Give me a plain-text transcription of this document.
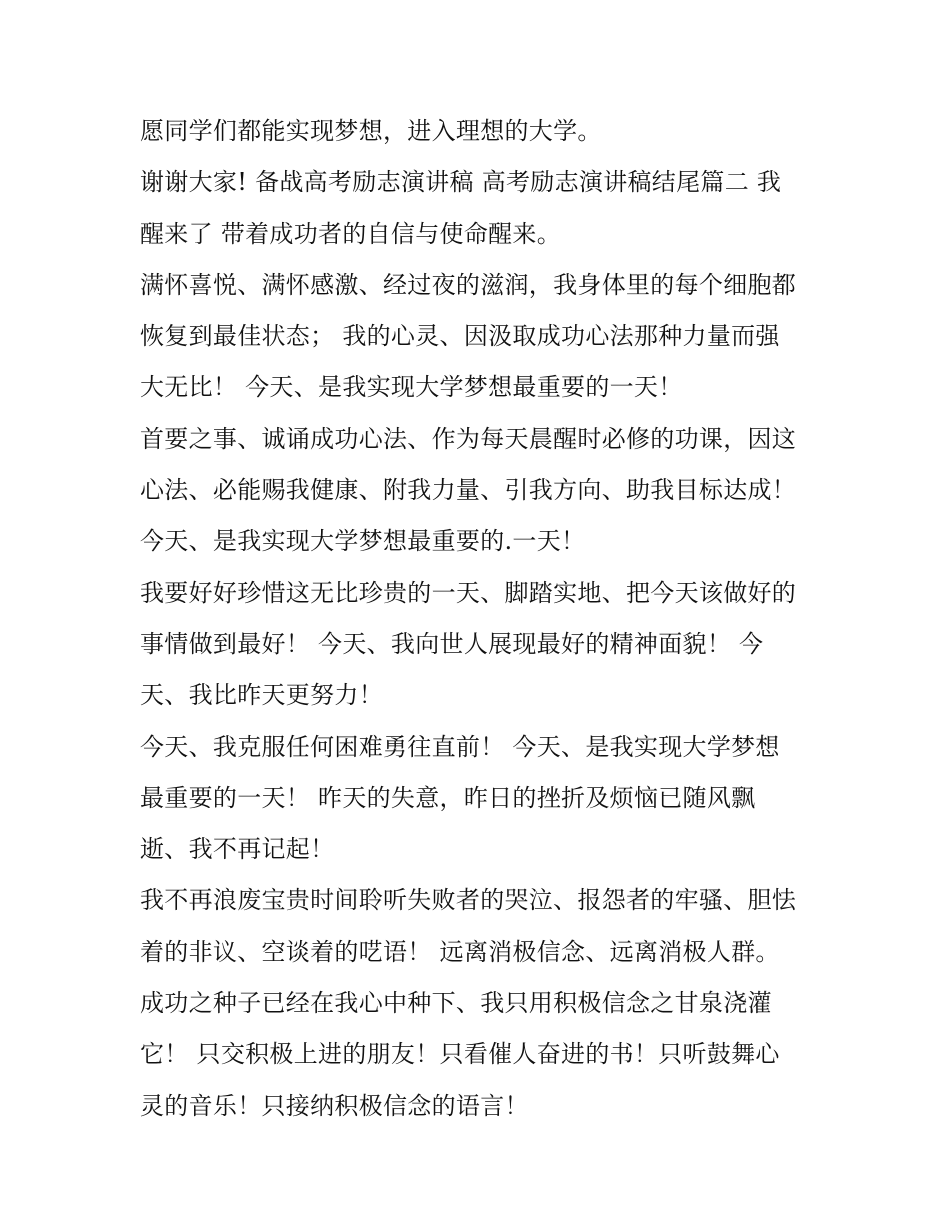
愿同学们都能实现梦想，进入理想的大学。
谢谢大家! 备战高考励志演讲稿 高考励志演讲稿结尾篇二 我
醒来了 带着成功者的自信与使命醒来。
满怀喜悦、满怀感激、经过夜的滋润，我身体里的每个细胞都
恢复到最佳状态； 我的心灵、因汲取成功心法那种力量而强
大无比！ 今天、是我实现大学梦想最重要的一天！
首要之事、诚诵成功心法、作为每天晨醒时必修的功课，因这
心法、必能赐我健康、附我力量、引我方向、助我目标达成！
今天、是我实现大学梦想最重要的.一天！
我要好好珍惜这无比珍贵的一天、脚踏实地、把今天该做好的
事情做到最好！ 今天、我向世人展现最好的精神面貌！ 今
天、我比昨天更努力！
今天、我克服任何困难勇往直前！ 今天、是我实现大学梦想
最重要的一天！ 昨天的失意，昨日的挫折及烦恼已随风飘
逝、我不再记起！
我不再浪废宝贵时间聆听失败者的哭泣、报怨者的牢骚、胆怯
着的非议、空谈着的呓语！ 远离消极信念、远离消极人群。
成功之种子已经在我心中种下、我只用积极信念之甘泉浇灌
它！ 只交积极上进的朋友！只看催人奋进的书！只听鼓舞心
灵的音乐！只接纳积极信念的语言！
